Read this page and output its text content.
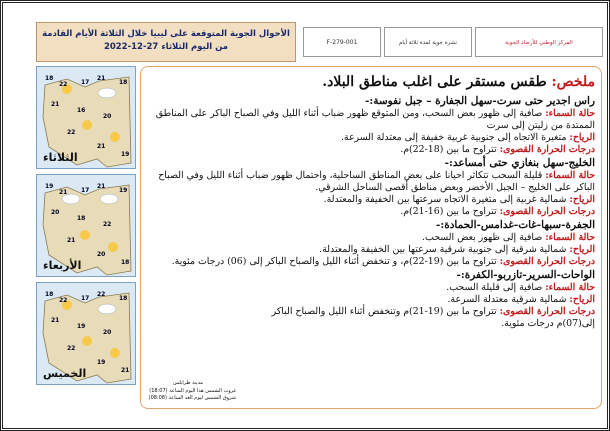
الأحوال الجوية المتوقعة على ليبيا خلال الثلاثة الأيام القادمة
من اليوم الثلاثاء 27-12-2022	F-279-001	نشرة جوية لمدة ثلاثة أيام	المركز الوطني للأرصاد الجوية
18
22 17
21
18
21
16
20
22
21
19
الثلاثاء
19
21 17
21
19
20
18
22
21
20
18
الأربعاء
18
22 17
22
18
21
19
20
22
19
21
الخميس
ملخص: طقس مستقر على اغلب مناطق البلاد.
راس اجدير حتى سرت-سهل الجفارة – جبل نفوسة:-
حالة السماء: صافية إلى ظهور بعض السحب، ومن المتوقع ظهور ضباب أثناء الليل وفي الصباح الباكر على المناطق الممتدة من زليتن إلى سرت
الرياح: متغيرة الاتجاه إلى جنوبية غربية خفيفة إلى معتدلة السرعة.
درجات الحرارة القصوى: تتراوح ما بين (18-22)م.
الخليج-سهل بنغازي حتى أمساعد:-
حالة السماء: قليلة السحب تتكاثر احيانا على بعض المناطق الساحلية، واحتمال ظهور ضباب أثناء الليل وفي الصباح الباكر على الخليج – الجبل الأخضر وبعض مناطق أقصى الساحل الشرقي.
الرياح: شمالية غربية إلى متغيرة الاتجاه سرعتها بين الخفيفة والمعتدلة.
درجات الحرارة القصوى: تتراوح ما بين (16-21)م.
الجفرة-سبها-غات-غدامس-الحمادة:-
حالة السماء: صافية إلى ظهور بعض السحب.
الرياح: شمالية شرقية إلى جنوبية شرقية سرعتها بين الخفيفة والمعتدلة.
درجات الحرارة القصوى: تتراوح ما بين (19-22)م، و تنخفض أثناء الليل والصباح الباكر إلى (06) درجات مئوية.
الواحات-السرير-تازربو-الكفرة:-
حالة السماء: صافية إلى قليلة السحب.
الرياح: شمالية شرقية معتدلة السرعة.
درجات الحرارة القصوى: تتراوح ما بين (19-21)م وتنخفض أثناء الليل والصباح الباكر إلى(07)م درجات مئوية.
مدينة طرابلس
غروب الشمس هذا اليوم الساعة (18:07)
شروق الشمس ليوم الغد الساعة (08:08)
